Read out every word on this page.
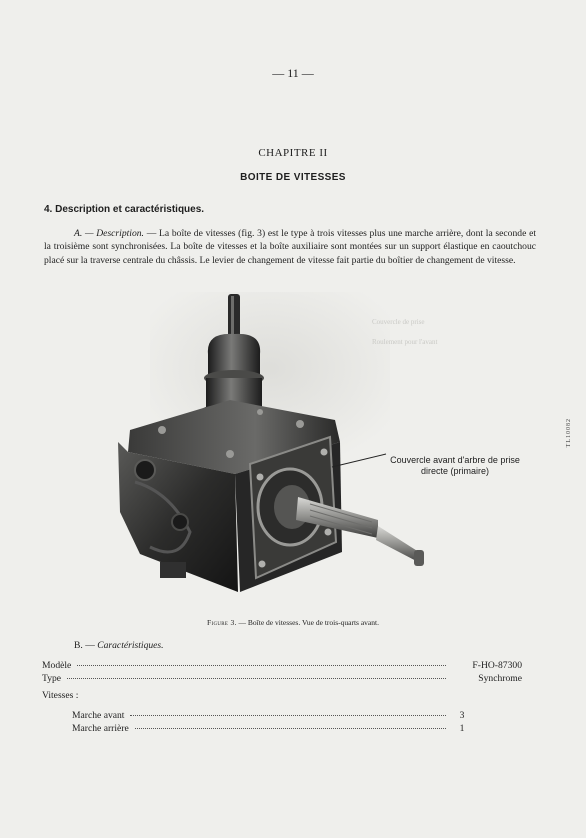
— 11 —
CHAPITRE II
BOITE DE VITESSES
4. Description et caractéristiques.
A. — Description. — La boîte de vitesses (fig. 3) est le type à trois vitesses plus une marche arrière, dont la seconde et la troisième sont synchronisées. La boîte de vitesses et la boîte auxiliaire sont montées sur un support élastique en caoutchouc placé sur la traverse centrale du châssis. Le levier de changement de vitesse fait partie du boîtier de changement de vitesse.
Couvercle de prise
Roulement pour l'avant
Couvercle avant d'arbre de prise directe (primaire)
Figure 3. — Boîte de vitesses. Vue de trois-quarts avant.
B. — Caractéristiques.
Modèle	F-HO-87300
Type	Synchrome
Vitesses :
Marche avant	3
Marche arrière	1
TL10082
